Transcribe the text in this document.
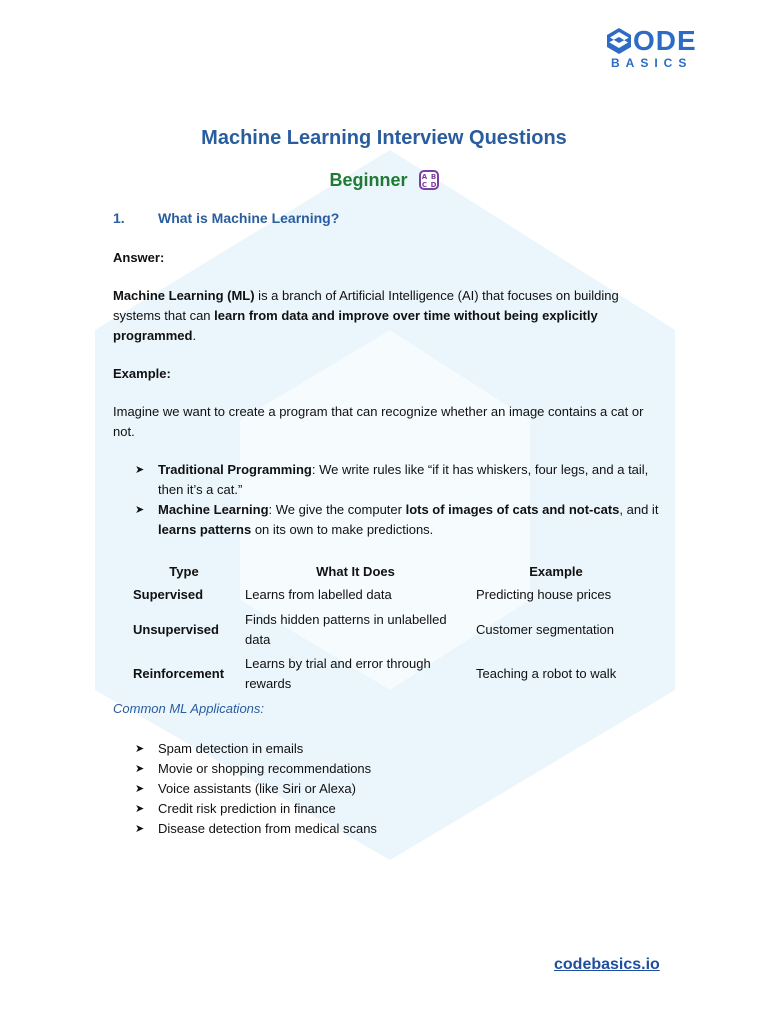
ODE
BASICS
Machine Learning Interview Questions
Beginner A B
C D
1. What is Machine Learning?
Answer:
Machine Learning (ML) is a branch of Artificial Intelligence (AI) that focuses on building systems that can learn from data and improve over time without being explicitly programmed.
Example:
Imagine we want to create a program that can recognize whether an image contains a cat or not.
➤ Traditional Programming: We write rules like “if it has whiskers, four legs, and a tail, then it’s a cat.”
➤ Machine Learning: We give the computer lots of images of cats and not-cats, and it learns patterns on its own to make predictions.
Type	What It Does	Example
Supervised	Learns from labelled data	Predicting house prices
Unsupervised	Finds hidden patterns in unlabelled data	Customer segmentation
Reinforcement	Learns by trial and error through rewards	Teaching a robot to walk
Common ML Applications:
➤ Spam detection in emails
➤ Movie or shopping recommendations
➤ Voice assistants (like Siri or Alexa)
➤ Credit risk prediction in finance
➤ Disease detection from medical scans
codebasics.io
